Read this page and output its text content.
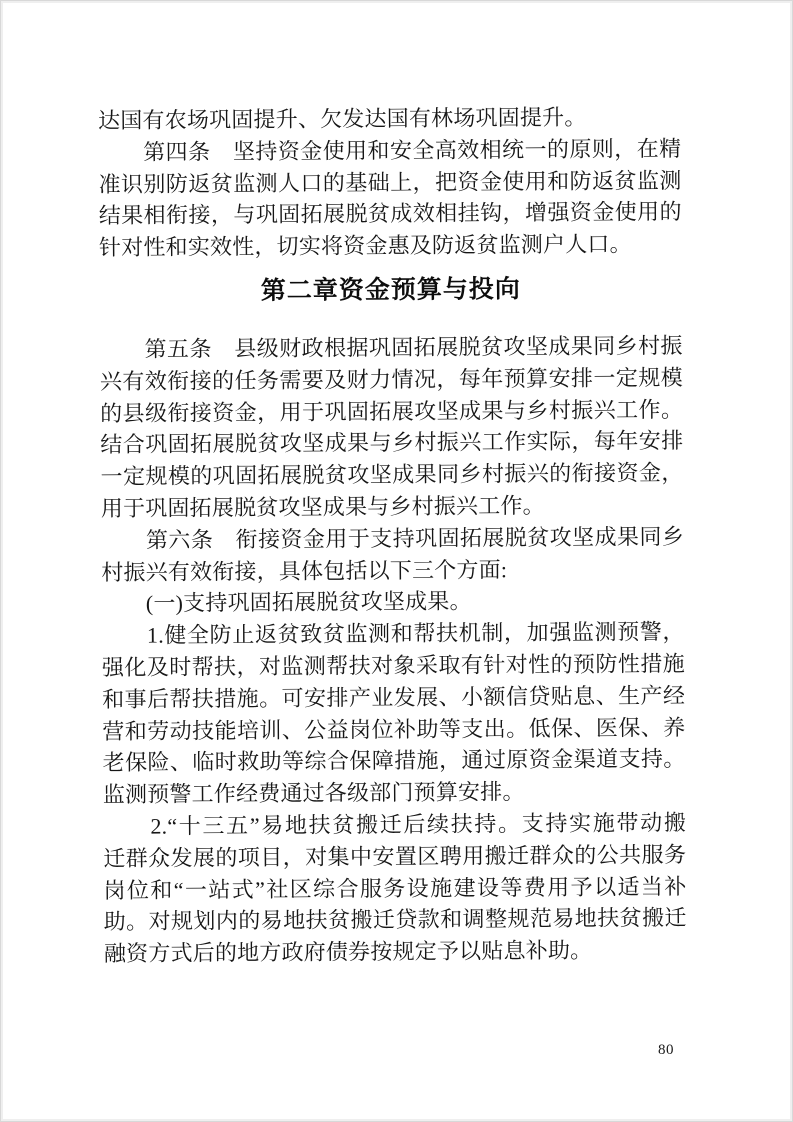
达国有农场巩固提升、欠发达国有林场巩固提升。

　　第四条　坚持资金使用和安全高效相统一的原则，在精

准识别防返贫监测人口的基础上，把资金使用和防返贫监测

结果相衔接，与巩固拓展脱贫成效相挂钩，增强资金使用的

针对性和实效性，切实将资金惠及防返贫监测户人口。

第二章资金预算与投向

　　第五条　县级财政根据巩固拓展脱贫攻坚成果同乡村振

兴有效衔接的任务需要及财力情况，每年预算安排一定规模

的县级衔接资金，用于巩固拓展攻坚成果与乡村振兴工作。

结合巩固拓展脱贫攻坚成果与乡村振兴工作实际，每年安排

一定规模的巩固拓展脱贫攻坚成果同乡村振兴的衔接资金，

用于巩固拓展脱贫攻坚成果与乡村振兴工作。

　　第六条　衔接资金用于支持巩固拓展脱贫攻坚成果同乡

村振兴有效衔接，具体包括以下三个方面:

　　(一)支持巩固拓展脱贫攻坚成果。

　　1.健全防止返贫致贫监测和帮扶机制，加强监测预警，

强化及时帮扶，对监测帮扶对象采取有针对性的预防性措施

和事后帮扶措施。可安排产业发展、小额信贷贴息、生产经

营和劳动技能培训、公益岗位补助等支出。低保、医保、养

老保险、临时救助等综合保障措施，通过原资金渠道支持。

监测预警工作经费通过各级部门预算安排。

　　2.“十三五”易地扶贫搬迁后续扶持。支持实施带动搬

迁群众发展的项目，对集中安置区聘用搬迁群众的公共服务

岗位和“一站式”社区综合服务设施建设等费用予以适当补

助。对规划内的易地扶贫搬迁贷款和调整规范易地扶贫搬迁

融资方式后的地方政府债券按规定予以贴息补助。

80
